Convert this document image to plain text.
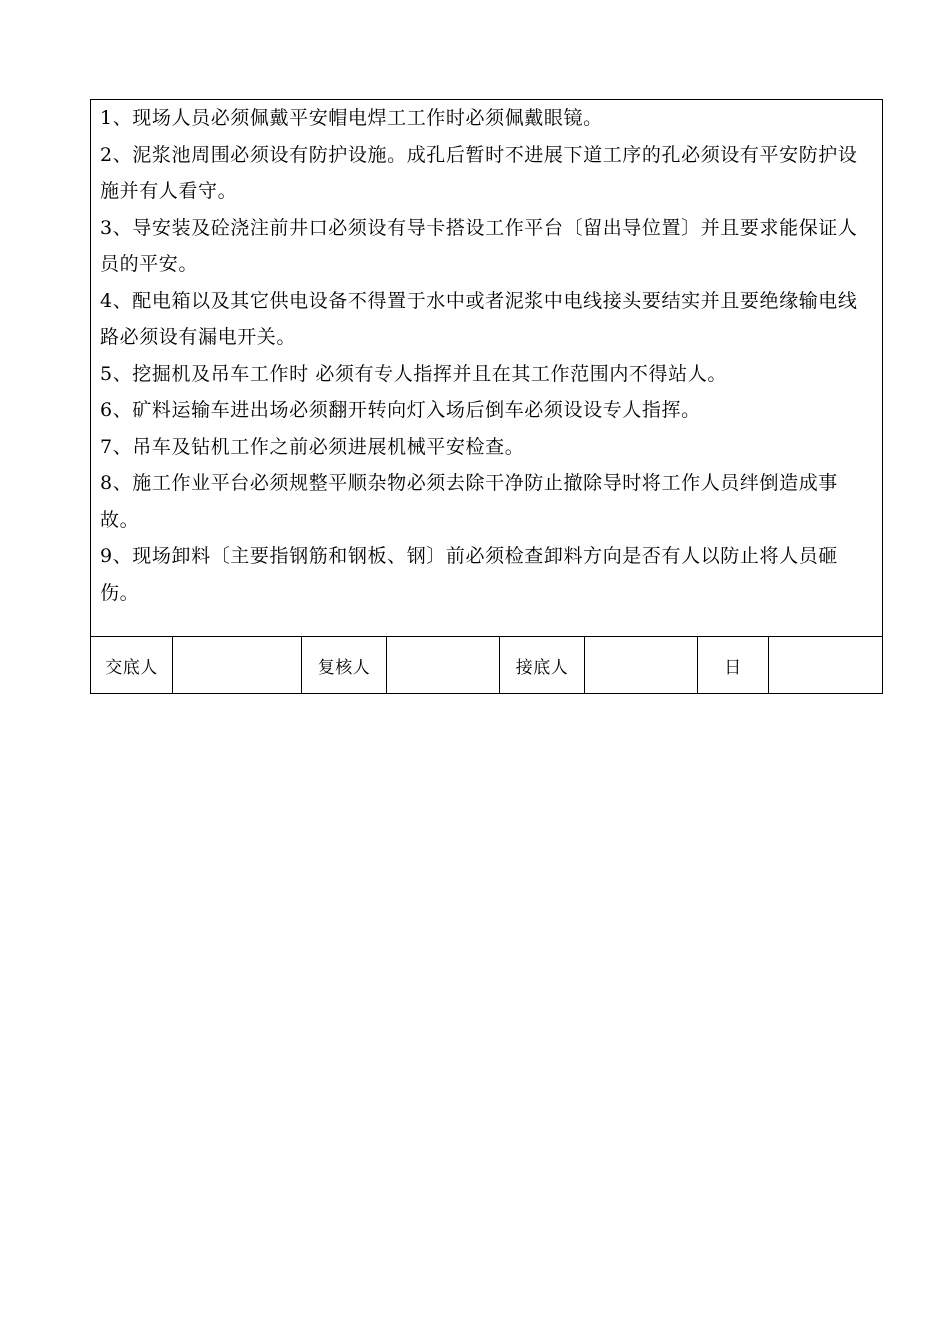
1、现场人员必须佩戴平安帽电焊工工作时必须佩戴眼镜。

2、泥浆池周围必须设有防护设施。成孔后暂时不进展下道工序的孔必须设有平安防护设施并有人看守。

3、导安装及砼浇注前井口必须设有导卡搭设工作平台〔留出导位置〕并且要求能保证人员的平安。

4、配电箱以及其它供电设备不得置于水中或者泥浆中电线接头要结实并且要绝缘输电线路必须设有漏电开关。

5、挖掘机及吊车工作时 必须有专人指挥并且在其工作范围内不得站人。

6、矿料运输车进出场必须翻开转向灯入场后倒车必须设设专人指挥。

7、吊车及钻机工作之前必须进展机械平安检查。

8、施工作业平台必须规整平顺杂物必须去除干净防止撤除导时将工作人员绊倒造成事故。

9、现场卸料〔主要指钢筋和钢板、钢〕前必须检查卸料方向是否有人以防止将人员砸伤。

交底人	复核人	接底人	日
